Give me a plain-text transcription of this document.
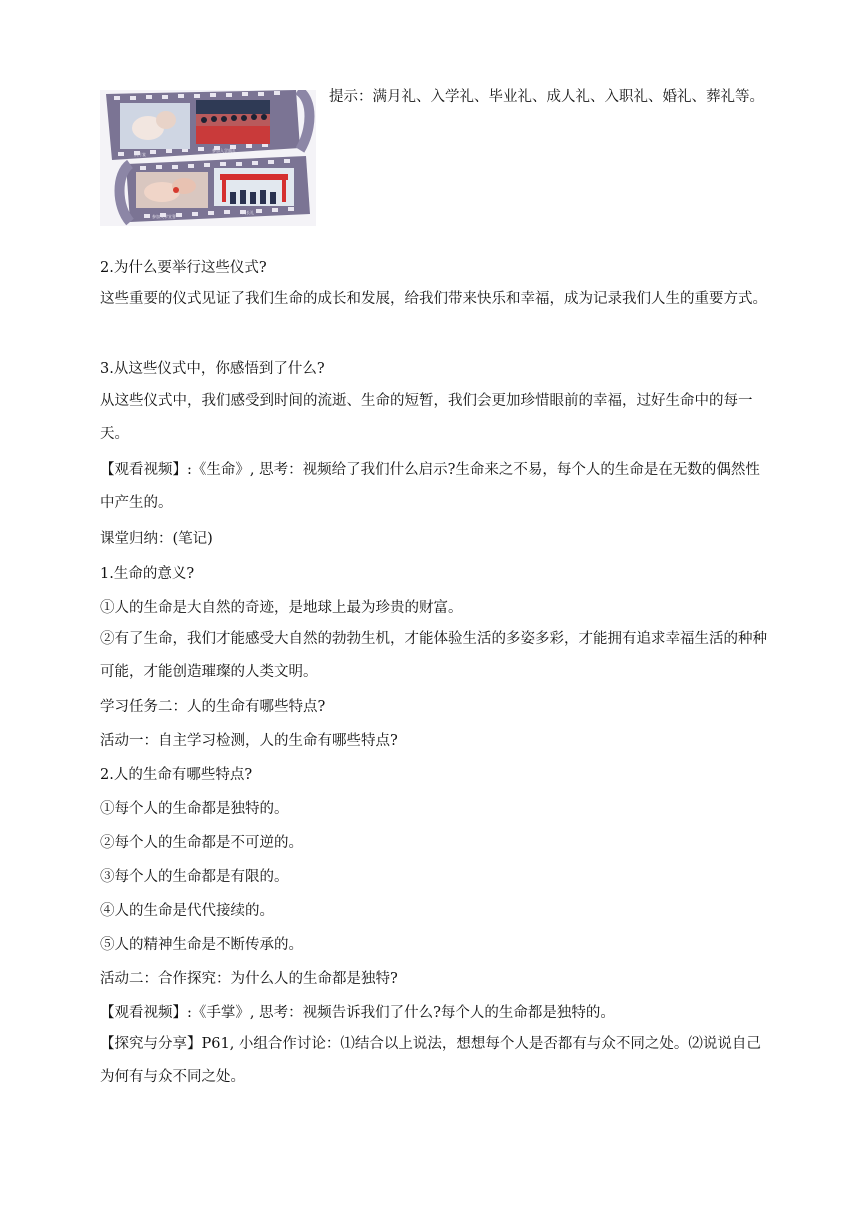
满月宴
参加入学典礼
参加入学宣誓
成长礼
提示：满月礼、入学礼、毕业礼、成人礼、入职礼、婚礼、葬礼等。
2.为什么要举行这些仪式?
这些重要的仪式见证了我们生命的成长和发展，给我们带来快乐和幸福，成为记录我们人生的重要方式。
3.从这些仪式中，你感悟到了什么?
从这些仪式中，我们感受到时间的流逝、生命的短暂，我们会更加珍惜眼前的幸福，过好生命中的每一天。
【观看视频】:《生命》, 思考：视频给了我们什么启示?生命来之不易，每个人的生命是在无数的偶然性中产生的。
课堂归纳：(笔记)
1.生命的意义?
①人的生命是大自然的奇迹，是地球上最为珍贵的财富。
②有了生命，我们才能感受大自然的勃勃生机，才能体验生活的多姿多彩，才能拥有追求幸福生活的种种可能，才能创造璀璨的人类文明。
学习任务二：人的生命有哪些特点?
活动一：自主学习检测，人的生命有哪些特点?
2.人的生命有哪些特点?
①每个人的生命都是独特的。
②每个人的生命都是不可逆的。
③每个人的生命都是有限的。
④人的生命是代代接续的。
⑤人的精神生命是不断传承的。
活动二：合作探究：为什么人的生命都是独特?
【观看视频】:《手掌》, 思考：视频告诉我们了什么?每个人的生命都是独特的。
【探究与分享】P61, 小组合作讨论：⑴结合以上说法，想想每个人是否都有与众不同之处。⑵说说自己为何有与众不同之处。
